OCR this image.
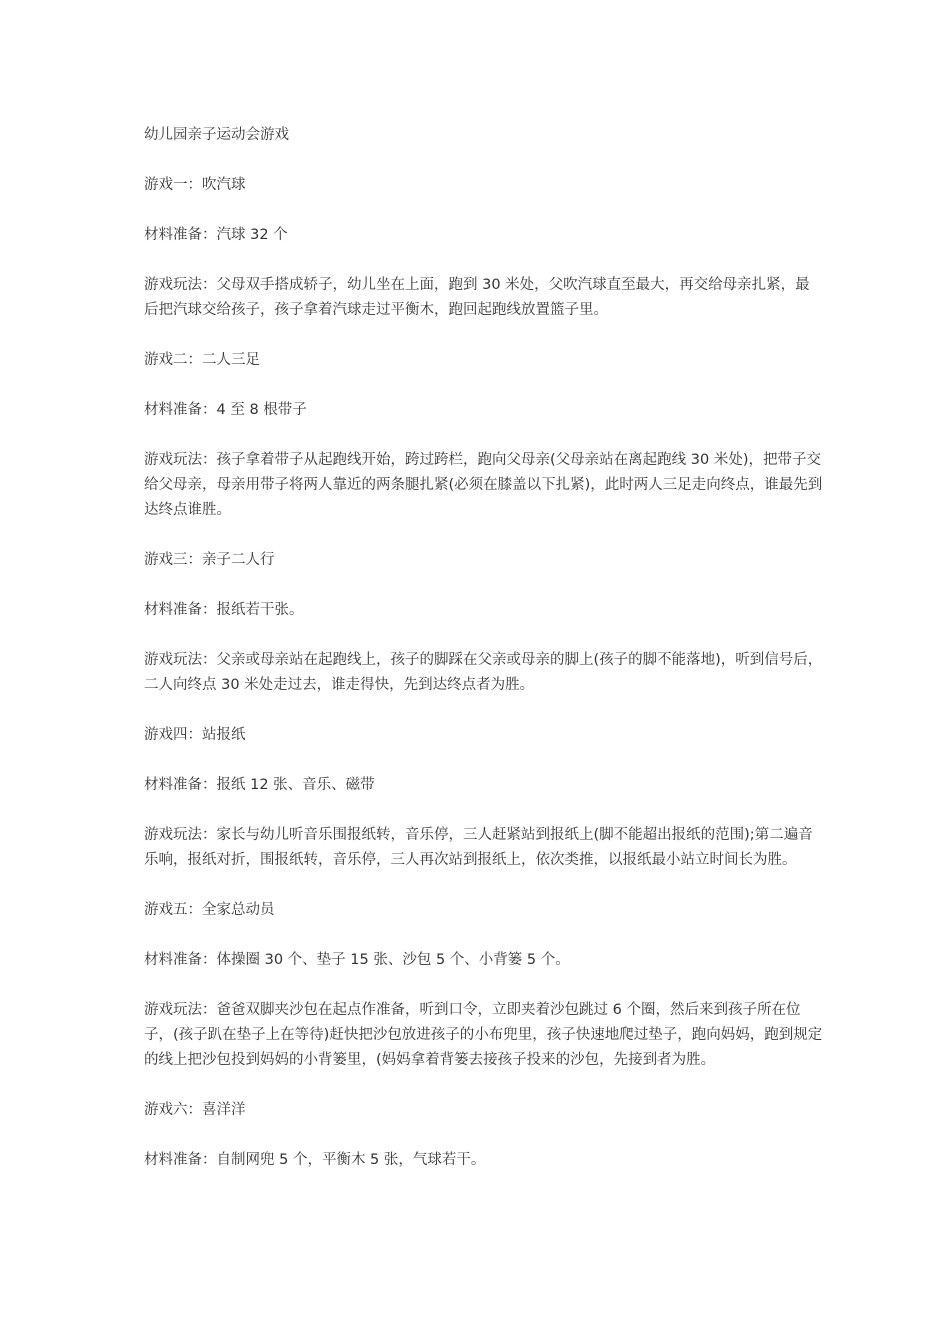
幼儿园亲子运动会游戏

游戏一：吹汽球

材料准备：汽球 32 个

游戏玩法：父母双手搭成轿子，幼儿坐在上面，跑到 30 米处，父吹汽球直至最大，再交给母亲扎紧，最后把汽球交给孩子，孩子拿着汽球走过平衡木，跑回起跑线放置篮子里。

游戏二：二人三足

材料准备：4 至 8 根带子

游戏玩法：孩子拿着带子从起跑线开始，跨过跨栏，跑向父母亲(父母亲站在离起跑线 30 米处)，把带子交给父母亲，母亲用带子将两人靠近的两条腿扎紧(必须在膝盖以下扎紧)，此时两人三足走向终点，谁最先到达终点谁胜。

游戏三：亲子二人行

材料准备：报纸若干张。

游戏玩法：父亲或母亲站在起跑线上，孩子的脚踩在父亲或母亲的脚上(孩子的脚不能落地)，听到信号后，二人向终点 30 米处走过去，谁走得快，先到达终点者为胜。

游戏四：站报纸

材料准备：报纸 12 张、音乐、磁带

游戏玩法：家长与幼儿听音乐围报纸转，音乐停，三人赶紧站到报纸上(脚不能超出报纸的范围);第二遍音乐响，报纸对折，围报纸转，音乐停，三人再次站到报纸上，依次类推，以报纸最小站立时间长为胜。

游戏五：全家总动员

材料准备：体操圈 30 个、垫子 15 张、沙包 5 个、小背篓 5 个。

游戏玩法：爸爸双脚夹沙包在起点作准备，听到口令，立即夹着沙包跳过 6 个圈，然后来到孩子所在位子，(孩子趴在垫子上在等待)赶快把沙包放进孩子的小布兜里，孩子快速地爬过垫子，跑向妈妈，跑到规定的线上把沙包投到妈妈的小背篓里，(妈妈拿着背篓去接孩子投来的沙包，先接到者为胜。

游戏六：喜洋洋

材料准备：自制网兜 5 个，平衡木 5 张，气球若干。
